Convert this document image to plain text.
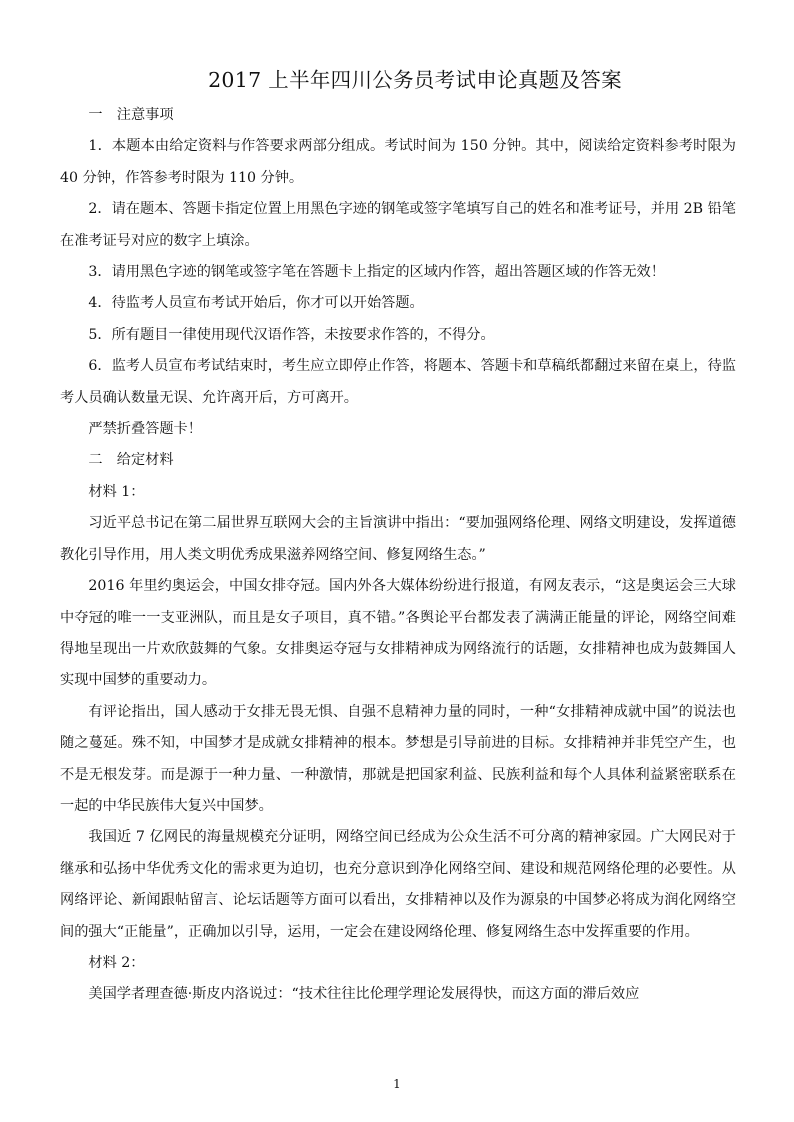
2017 上半年四川公务员考试申论真题及答案

一　注意事项

1．本题本由给定资料与作答要求两部分组成。考试时间为 150 分钟。其中，阅读给定资料参考时限为 40 分钟，作答参考时限为 110 分钟。

2．请在题本、答题卡指定位置上用黑色字迹的钢笔或签字笔填写自己的姓名和准考证号，并用 2B 铅笔在准考证号对应的数字上填涂。

3．请用黑色字迹的钢笔或签字笔在答题卡上指定的区域内作答，超出答题区域的作答无效！

4．待监考人员宣布考试开始后，你才可以开始答题。

5．所有题目一律使用现代汉语作答，未按要求作答的，不得分。

6．监考人员宣布考试结束时，考生应立即停止作答，将题本、答题卡和草稿纸都翻过来留在桌上，待监考人员确认数量无误、允许离开后，方可离开。

严禁折叠答题卡！

二　给定材料

材料 1：

习近平总书记在第二届世界互联网大会的主旨演讲中指出：“要加强网络伦理、网络文明建设，发挥道德教化引导作用，用人类文明优秀成果滋养网络空间、修复网络生态。”

2016 年里约奥运会，中国女排夺冠。国内外各大媒体纷纷进行报道，有网友表示，“这是奥运会三大球中夺冠的唯一一支亚洲队，而且是女子项目，真不错。”各舆论平台都发表了满满正能量的评论，网络空间难得地呈现出一片欢欣鼓舞的气象。女排奥运夺冠与女排精神成为网络流行的话题，女排精神也成为鼓舞国人实现中国梦的重要动力。

有评论指出，国人感动于女排无畏无惧、自强不息精神力量的同时，一种“女排精神成就中国”的说法也随之蔓延。殊不知，中国梦才是成就女排精神的根本。梦想是引导前进的目标。女排精神并非凭空产生，也不是无根发芽。而是源于一种力量、一种激情，那就是把国家利益、民族利益和每个人具体利益紧密联系在一起的中华民族伟大复兴中国梦。

我国近 7 亿网民的海量规模充分证明，网络空间已经成为公众生活不可分离的精神家园。广大网民对于继承和弘扬中华优秀文化的需求更为迫切，也充分意识到净化网络空间、建设和规范网络伦理的必要性。从网络评论、新闻跟帖留言、论坛话题等方面可以看出，女排精神以及作为源泉的中国梦必将成为润化网络空间的强大“正能量”，正确加以引导，运用，一定会在建设网络伦理、修复网络生态中发挥重要的作用。

材料 2：

美国学者理查德·斯皮内洛说过：“技术往往比伦理学理论发展得快，而这方面的滞后效应

1
